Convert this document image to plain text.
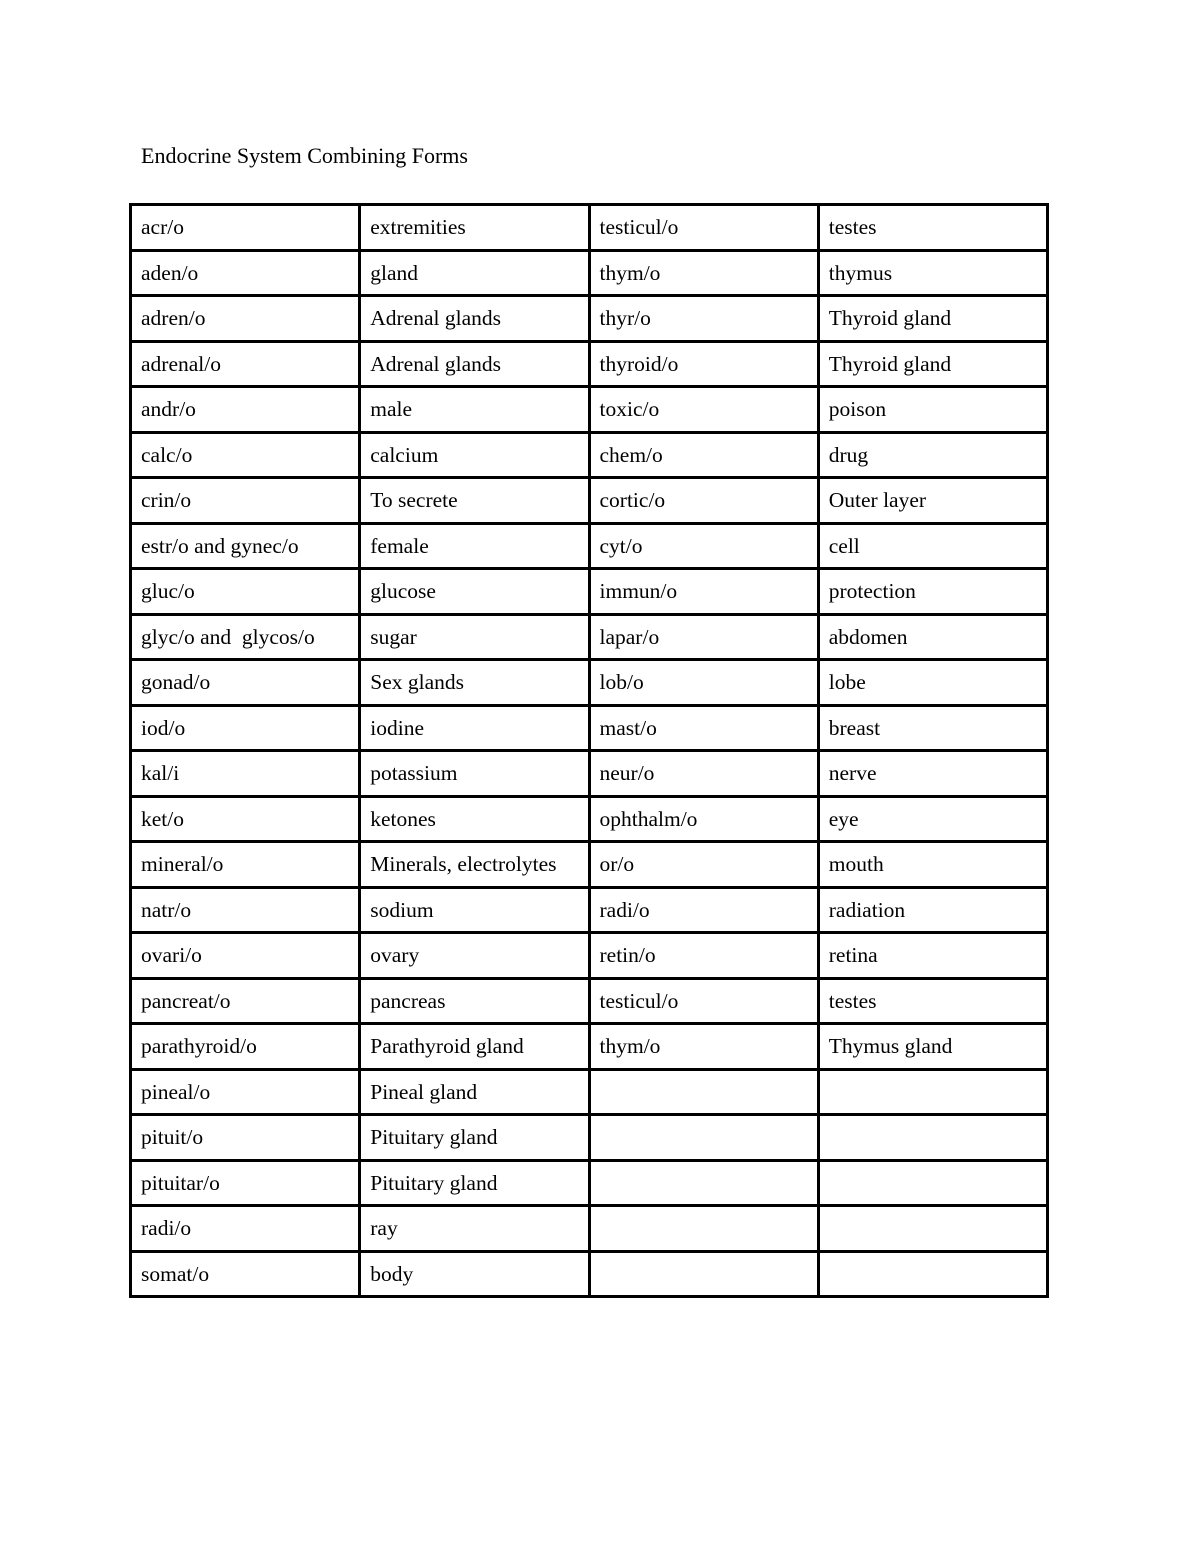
Endocrine System Combining Forms
acr/o	extremities	testicul/o	testes
aden/o	gland	thym/o	thymus
adren/o	Adrenal glands	thyr/o	Thyroid gland
adrenal/o	Adrenal glands	thyroid/o	Thyroid gland
andr/o	male	toxic/o	poison
calc/o	calcium	chem/o	drug
crin/o	To secrete	cortic/o	Outer layer
estr/o and gynec/o	female	cyt/o	cell
gluc/o	glucose	immun/o	protection
glyc/o and  glycos/o	sugar	lapar/o	abdomen
gonad/o	Sex glands	lob/o	lobe
iod/o	iodine	mast/o	breast
kal/i	potassium	neur/o	nerve
ket/o	ketones	ophthalm/o	eye
mineral/o	Minerals, electrolytes	or/o	mouth
natr/o	sodium	radi/o	radiation
ovari/o	ovary	retin/o	retina
pancreat/o	pancreas	testicul/o	testes
parathyroid/o	Parathyroid gland	thym/o	Thymus gland
pineal/o	Pineal gland		
pituit/o	Pituitary gland		
pituitar/o	Pituitary gland		
radi/o	ray		
somat/o	body		
